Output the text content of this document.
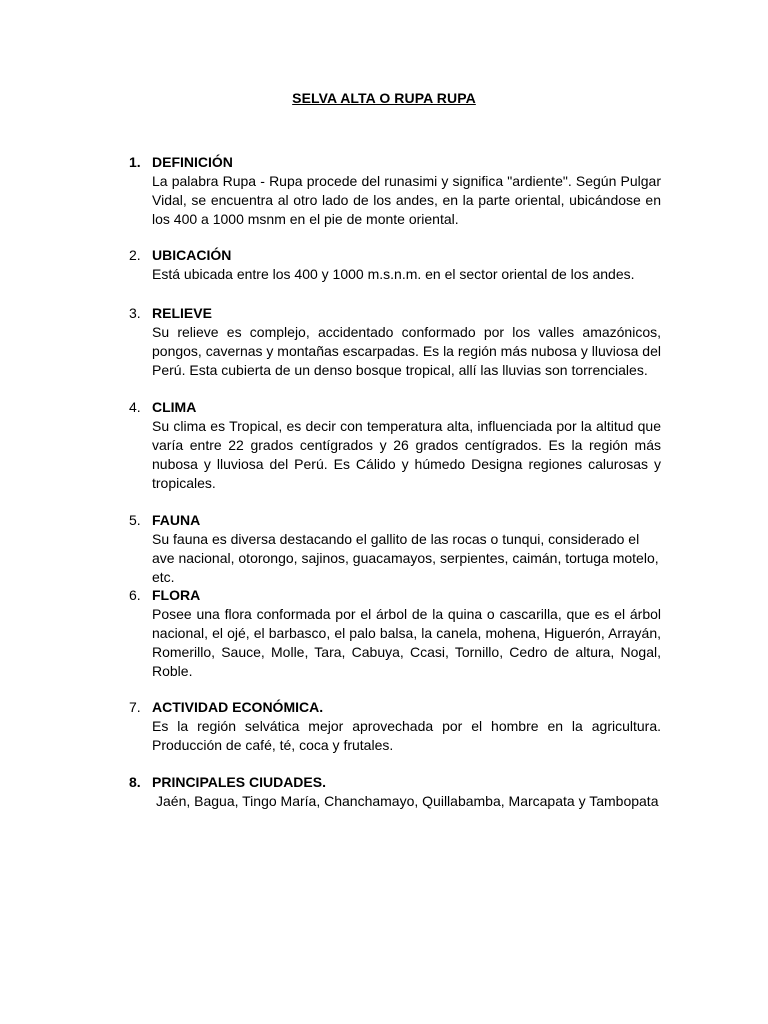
SELVA ALTA O RUPA RUPA
1. DEFINICIÓN
La palabra Rupa - Rupa procede del runasimi y significa "ardiente". Según Pulgar Vidal, se encuentra al otro lado de los andes, en la parte oriental, ubicándose en los 400 a 1000 msnm en el pie de monte oriental.
2. UBICACIÓN
Está ubicada entre los 400 y 1000 m.s.n.m. en el sector oriental de los andes.
3. RELIEVE
Su relieve es complejo, accidentado conformado por los valles amazónicos, pongos, cavernas y montañas escarpadas. Es la región más nubosa y lluviosa del Perú. Esta cubierta de un denso bosque tropical, allí las lluvias son torrenciales.
4. CLIMA
Su clima es Tropical, es decir con temperatura alta, influenciada por la altitud que varía entre 22 grados centígrados y 26 grados centígrados. Es la región más nubosa y lluviosa del Perú. Es Cálido y húmedo Designa regiones calurosas y tropicales.
5. FAUNA
Su fauna es diversa destacando el gallito de las rocas o tunqui, considerado el ave nacional, otorongo, sajinos, guacamayos, serpientes, caimán, tortuga motelo, etc.
6. FLORA
Posee una flora conformada por el árbol de la quina o cascarilla, que es el árbol nacional, el ojé, el barbasco, el palo balsa, la canela, mohena, Higuerón, Arrayán, Romerillo, Sauce, Molle, Tara, Cabuya, Ccasi, Tornillo, Cedro de altura, Nogal, Roble.
7. ACTIVIDAD ECONÓMICA.
Es la región selvática mejor aprovechada por el hombre en la agricultura. Producción de café, té, coca y frutales.
8. PRINCIPALES CIUDADES.
Jaén, Bagua, Tingo María, Chanchamayo, Quillabamba, Marcapata y Tambopata
